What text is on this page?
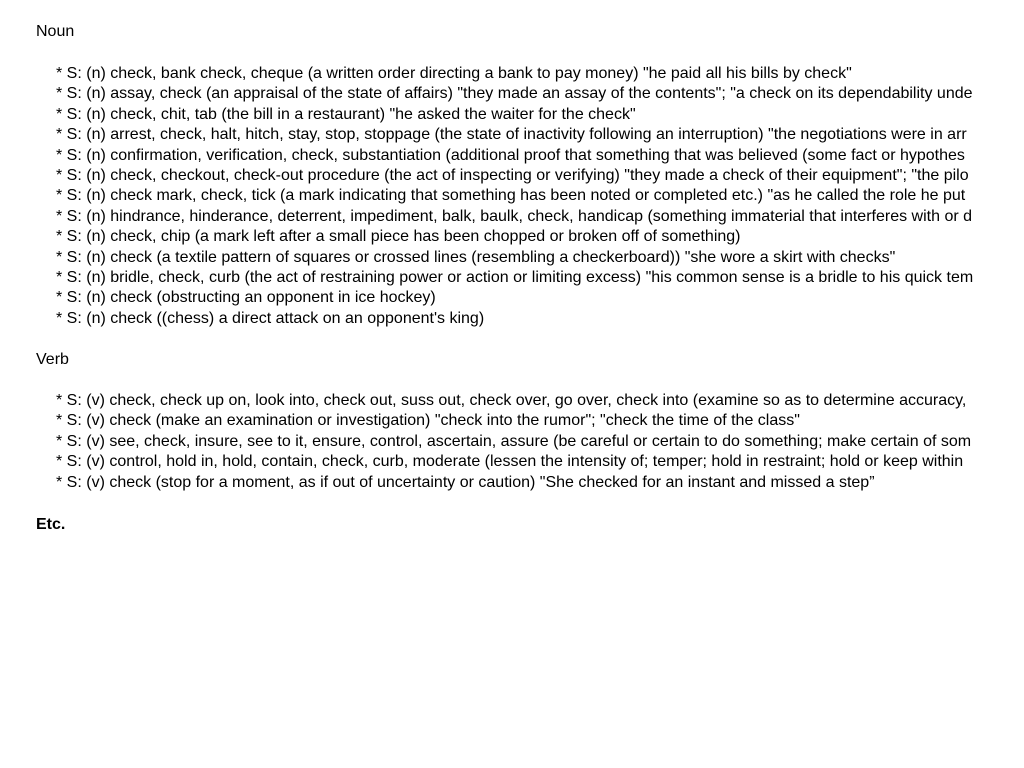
Noun
* S: (n) check, bank check, cheque (a written order directing a bank to pay money) "he paid all his bills by check"
* S: (n) assay, check (an appraisal of the state of affairs) "they made an assay of the contents"; "a check on its dependability unde
* S: (n) check, chit, tab (the bill in a restaurant) "he asked the waiter for the check"
* S: (n) arrest, check, halt, hitch, stay, stop, stoppage (the state of inactivity following an interruption) "the negotiations were in arr
* S: (n) confirmation, verification, check, substantiation (additional proof that something that was believed (some fact or hypothes
* S: (n) check, checkout, check-out procedure (the act of inspecting or verifying) "they made a check of their equipment"; "the pilo
* S: (n) check mark, check, tick (a mark indicating that something has been noted or completed etc.) "as he called the role he put
* S: (n) hindrance, hinderance, deterrent, impediment, balk, baulk, check, handicap (something immaterial that interferes with or d
* S: (n) check, chip (a mark left after a small piece has been chopped or broken off of something)
* S: (n) check (a textile pattern of squares or crossed lines (resembling a checkerboard)) "she wore a skirt with checks"
* S: (n) bridle, check, curb (the act of restraining power or action or limiting excess) "his common sense is a bridle to his quick tem
* S: (n) check (obstructing an opponent in ice hockey)
* S: (n) check ((chess) a direct attack on an opponent's king)
Verb
* S: (v) check, check up on, look into, check out, suss out, check over, go over, check into (examine so as to determine accuracy,
* S: (v) check (make an examination or investigation) "check into the rumor"; "check the time of the class"
* S: (v) see, check, insure, see to it, ensure, control, ascertain, assure (be careful or certain to do something; make certain of som
* S: (v) control, hold in, hold, contain, check, curb, moderate (lessen the intensity of; temper; hold in restraint; hold or keep within
* S: (v) check (stop for a moment, as if out of uncertainty or caution) "She checked for an instant and missed a step”
Etc.
